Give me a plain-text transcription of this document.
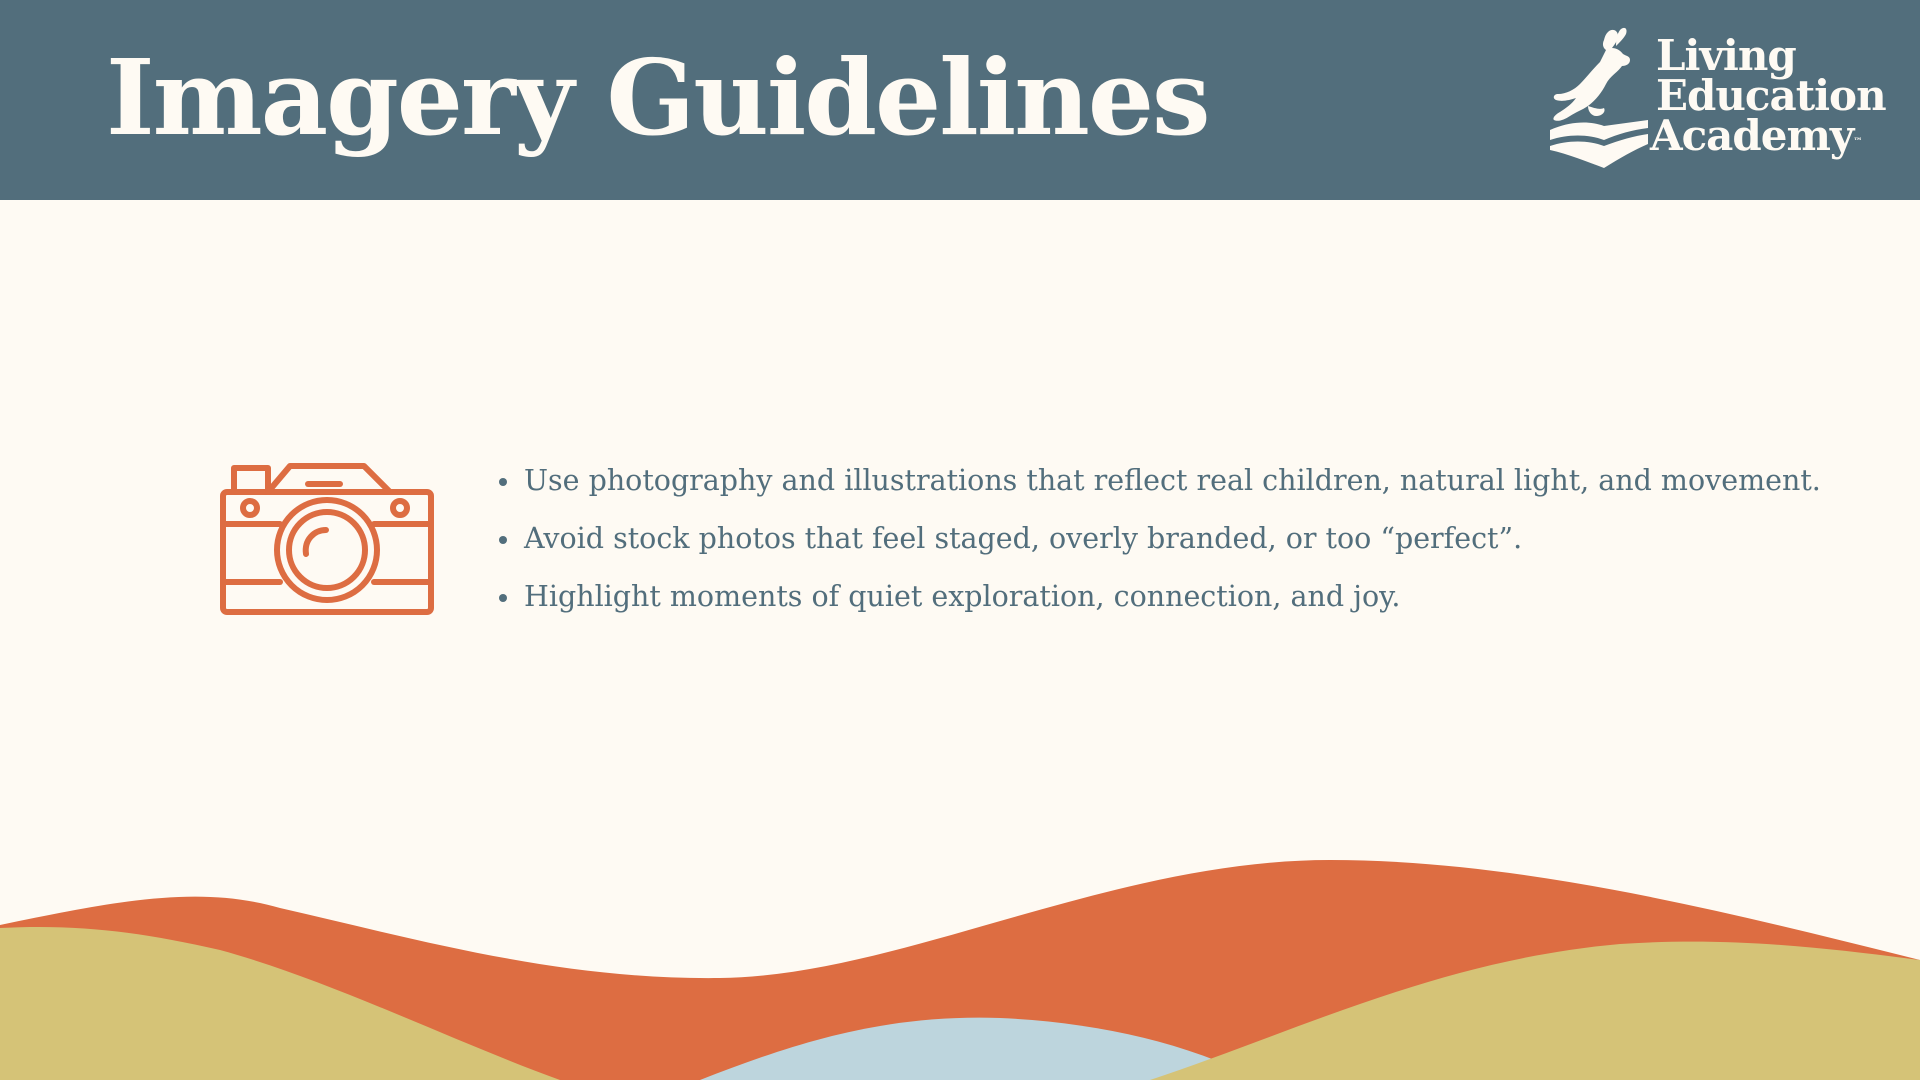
Imagery Guidelines	Living
Education
Academy™
Use photography and illustrations that reflect real children, natural light, and movement.
Avoid stock photos that feel staged, overly branded, or too “perfect”.
Highlight moments of quiet exploration, connection, and joy.
